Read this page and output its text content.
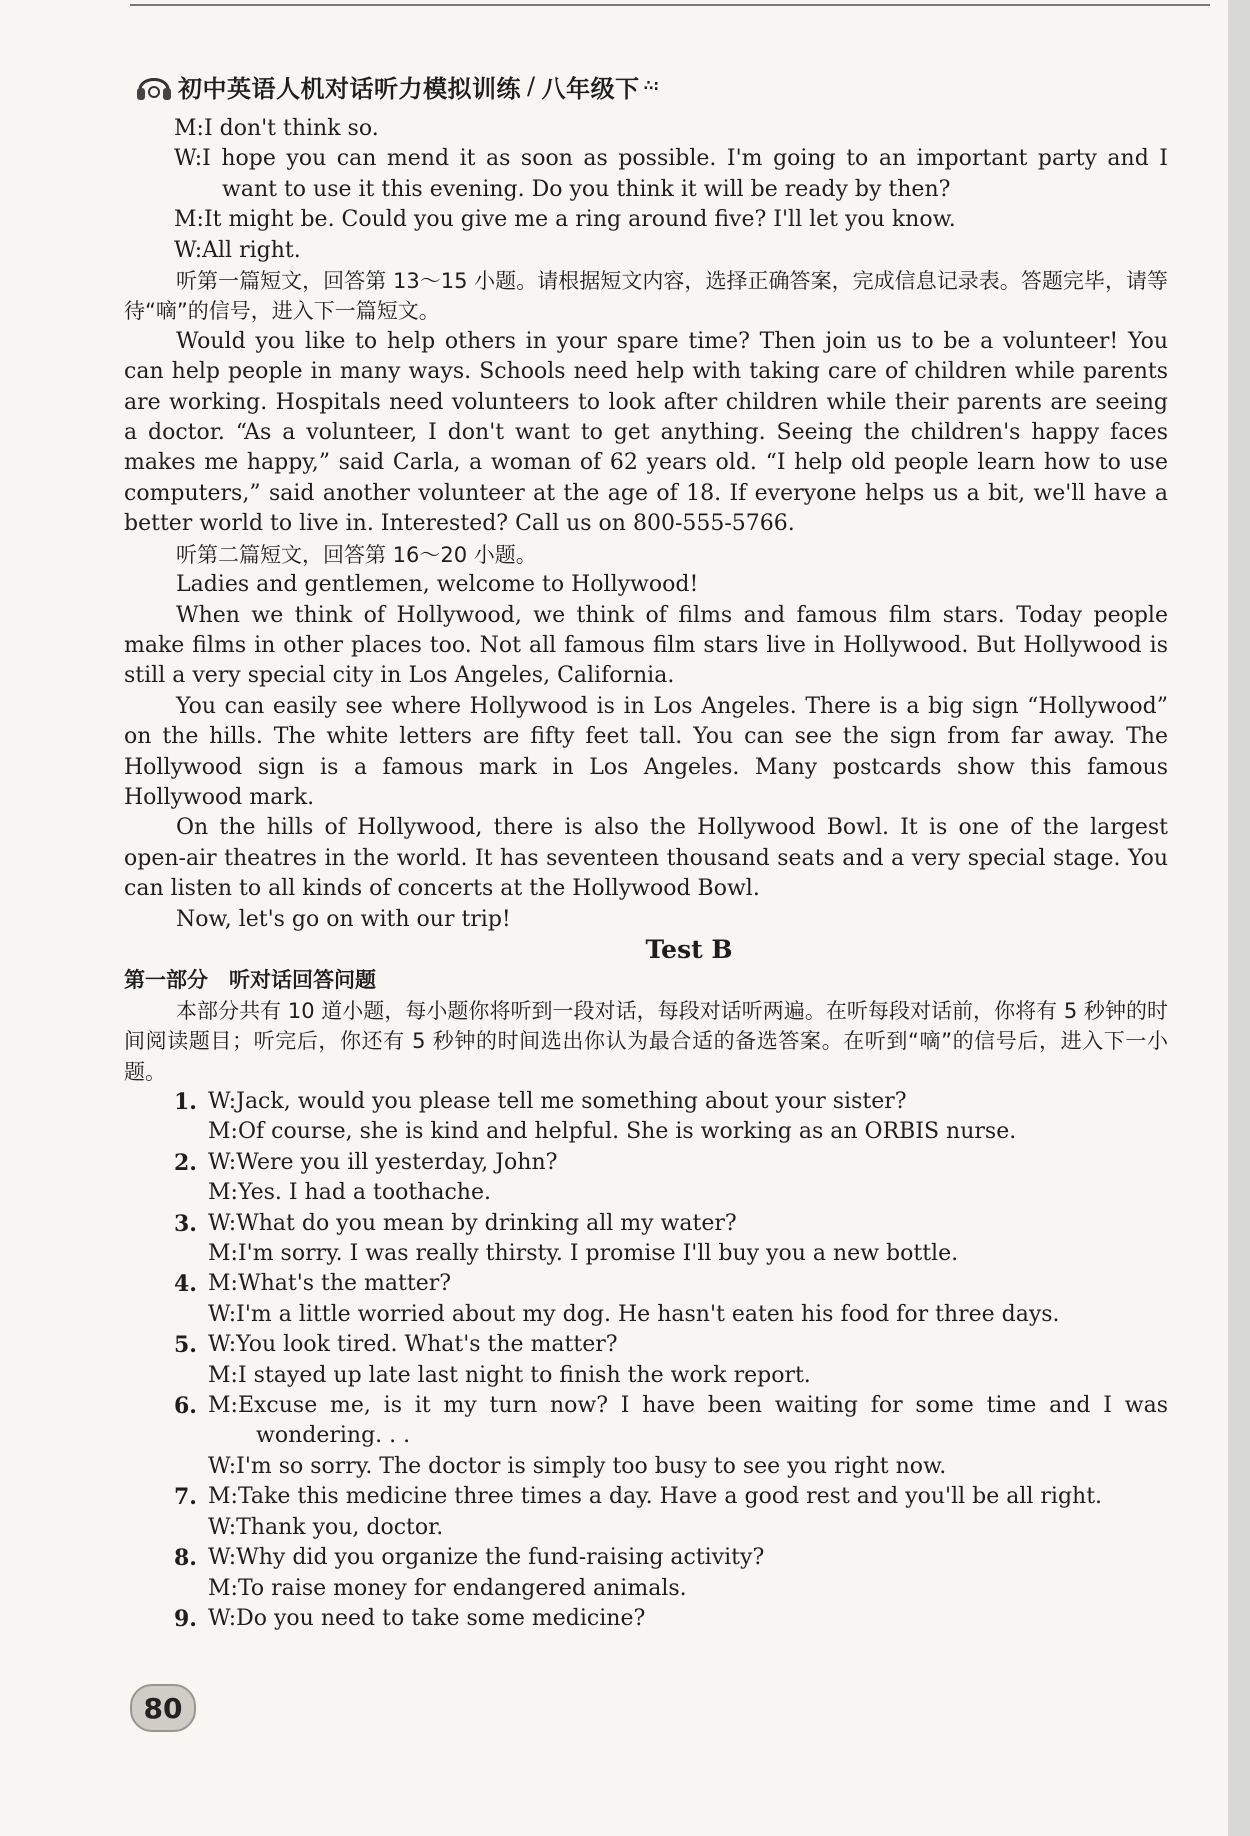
初中英语人机对话听力模拟训练 / 八年级下 ∴:

M:I don't think so.

W:I hope you can mend it as soon as possible. I'm going to an important party and I want to use it this evening. Do you think it will be ready by then?

M:It might be. Could you give me a ring around five? I'll let you know.

W:All right.

听第一篇短文，回答第 13～15 小题。请根据短文内容，选择正确答案，完成信息记录表。答题完毕，请等待“嘀”的信号，进入下一篇短文。

Would you like to help others in your spare time? Then join us to be a volunteer! You can help people in many ways. Schools need help with taking care of children while parents are working. Hospitals need volunteers to look after children while their parents are seeing a doctor. “As a volunteer, I don't want to get anything. Seeing the children's happy faces makes me happy,” said Carla, a woman of 62 years old. “I help old people learn how to use computers,” said another volunteer at the age of 18. If everyone helps us a bit, we'll have a better world to live in. Interested? Call us on 800-555-5766.

听第二篇短文，回答第 16～20 小题。

Ladies and gentlemen, welcome to Hollywood!

When we think of Hollywood, we think of films and famous film stars. Today people make films in other places too. Not all famous film stars live in Hollywood. But Hollywood is still a very special city in Los Angeles, California.

You can easily see where Hollywood is in Los Angeles. There is a big sign “Hollywood” on the hills. The white letters are fifty feet tall. You can see the sign from far away. The Hollywood sign is a famous mark in Los Angeles. Many postcards show this famous Hollywood mark.

On the hills of Hollywood, there is also the Hollywood Bowl. It is one of the largest open-air theatres in the world. It has seventeen thousand seats and a very special stage. You can listen to all kinds of concerts at the Hollywood Bowl.

Now, let's go on with our trip!

Test B

第一部分　听对话回答问题

本部分共有 10 道小题，每小题你将听到一段对话，每段对话听两遍。在听每段对话前，你将有 5 秒钟的时间阅读题目；听完后，你还有 5 秒钟的时间选出你认为最合适的备选答案。在听到“嘀”的信号后，进入下一小题。

1. W:Jack, would you please tell me something about your sister?

M:Of course, she is kind and helpful. She is working as an ORBIS nurse.

2. W:Were you ill yesterday, John?

M:Yes. I had a toothache.

3. W:What do you mean by drinking all my water?

M:I'm sorry. I was really thirsty. I promise I'll buy you a new bottle.

4. M:What's the matter?

W:I'm a little worried about my dog. He hasn't eaten his food for three days.

5. W:You look tired. What's the matter?

M:I stayed up late last night to finish the work report.

6. M:Excuse me, is it my turn now? I have been waiting for some time and I was wondering. . .

W:I'm so sorry. The doctor is simply too busy to see you right now.

7. M:Take this medicine three times a day. Have a good rest and you'll be all right.

W:Thank you, doctor.

8. W:Why did you organize the fund-raising activity?

M:To raise money for endangered animals.

9. W:Do you need to take some medicine?

80
